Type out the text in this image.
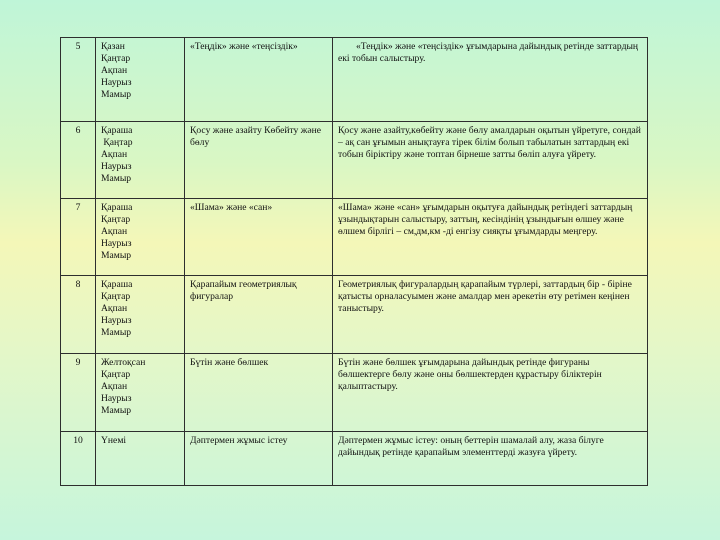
5	Қазан
Қаңтар
Ақпан
Наурыз
Мамыр	«Теңдік» және «теңсіздік»	«Теңдік» және «теңсіздік» ұғымдарына дайындық ретінде заттардың екі тобын салыстыру.
6	Қараша
Қаңтар
Ақпан
Наурыз
Мамыр	Қосу және азайту Көбейту және бөлу	Қосу және азайту,көбейту және бөлу амалдарын оқытын үйретуге, сондай – ақ сан ұғымын анықтауға тірек білім болып табылатын заттардың екі тобын біріктіру және топтан бірнеше затты бөліп алуға үйрету.
7	Қараша
Қаңтар
Ақпан
Наурыз
Мамыр	«Шама» және «сан»	«Шама» және «сан» ұғымдарын оқытуға дайындық ретіндегі заттардың ұзындықтарын салыстыру, заттың, кесіндінің ұзындығын өлшеу және өлшем бірлігі – см,дм,км -ді енгізу сияқты ұғымдарды меңгеру.
8	Қараша
Қаңтар
Ақпан
Наурыз
Мамыр	Қарапайым геометриялық фигуралар	Геометриялық фигуралардың қарапайым түрлері, заттардың бір - біріне қатысты орналасуымен және амалдар мен әрекетін өту ретімен кеңінен таныстыру.
9	Желтоқсан
Қаңтар
Ақпан
Наурыз
Мамыр	Бүтін және бөлшек	Бүтін және бөлшек ұғымдарына дайындық ретінде фигураны бөлшектерге бөлу және оны бөлшектерден құрастыру біліктерін қалыптастыру.
10	Үнемі	Дәптермен жұмыс істеу	Дәптермен жұмыс істеу: оның беттерін шамалай алу, жаза білуге дайындық ретінде қарапайым элементтерді жазуға үйрету.
